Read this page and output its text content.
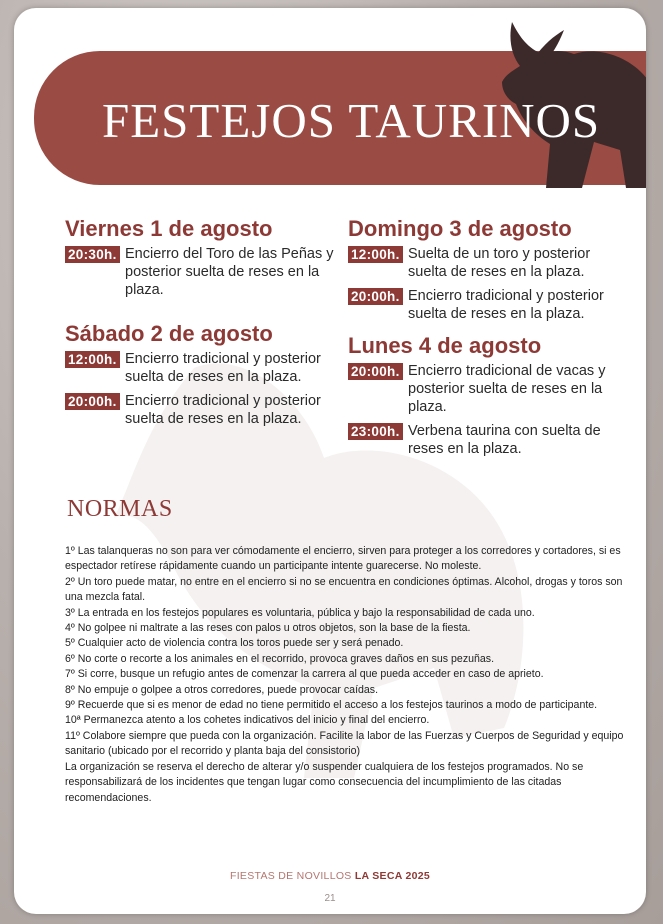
FESTEJOS TAURINOS
Viernes 1 de agosto
20:30h. Encierro del Toro de las Peñas y posterior suelta de reses en la plaza.
Sábado 2 de agosto
12:00h. Encierro tradicional y posterior suelta de reses en la plaza.
20:00h. Encierro tradicional y posterior suelta de reses en la plaza.
Domingo 3 de agosto
12:00h. Suelta de un toro y posterior suelta de reses en la plaza.
20:00h. Encierro tradicional y posterior suelta de reses en la plaza.
Lunes 4 de agosto
20:00h. Encierro tradicional de vacas y posterior suelta de reses en la plaza.
23:00h. Verbena taurina con suelta de reses en la plaza.
NORMAS
1º Las talanqueras no son para ver cómodamente el encierro, sirven para proteger a los corredores y cortadores, si es espectador retírese rápidamente cuando un participante intente guarecerse. No moleste.
2º Un toro puede matar, no entre en el encierro si no se encuentra en condiciones óptimas. Alcohol, drogas y toros son una mezcla fatal.
3º La entrada en los festejos populares es voluntaria, pública y bajo la responsabilidad de cada uno.
4º No golpee ni maltrate a las reses con palos u otros objetos, son la base de la fiesta.
5º Cualquier acto de violencia contra los toros puede ser y será penado.
6º No corte o recorte a los animales en el recorrido, provoca graves daños en sus pezuñas.
7º Si corre, busque un refugio antes de comenzar la carrera al que pueda acceder en caso de aprieto.
8º No empuje o golpee a otros corredores, puede provocar caídas.
9º Recuerde que si es menor de edad no tiene permitido el acceso a los festejos taurinos a modo de participante.
10ª Permanezca atento a los cohetes indicativos del inicio y final del encierro.
11º Colabore siempre que pueda con la organización. Facilite la labor de las Fuerzas y Cuerpos de Seguridad y equipo sanitario (ubicado por el recorrido y planta baja del consistorio)
La organización se reserva el derecho de alterar y/o suspender cualquiera de los festejos programados. No se responsabilizará de los incidentes que tengan lugar como consecuencia del incumplimiento de las citadas recomendaciones.
FIESTAS DE NOVILLOS LA SECA 2025
21
